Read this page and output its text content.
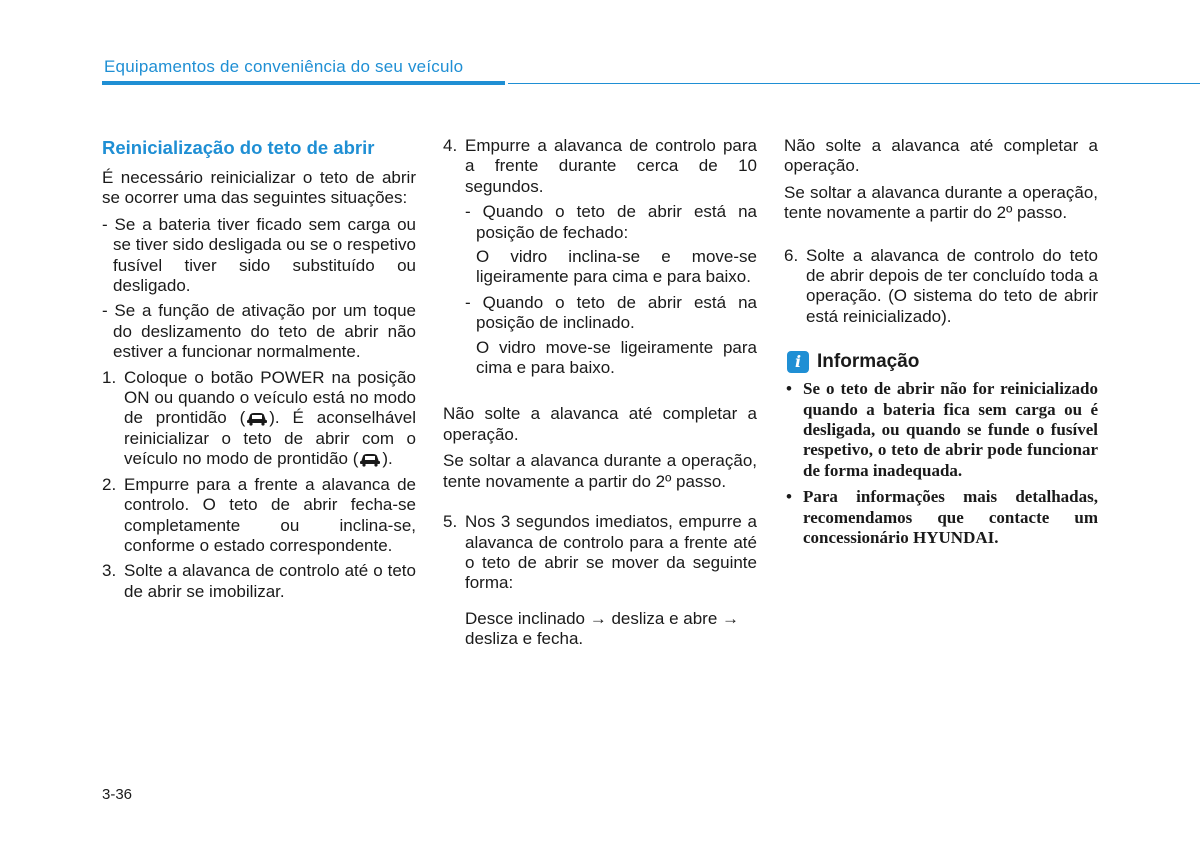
Equipamentos de conveniência do seu veículo

Reinicialização do teto de abrir

É necessário reinicializar o teto de abrir se ocorrer uma das seguintes situações:

- Se a bateria tiver ficado sem carga ou se tiver sido desligada ou se o respetivo fusível tiver sido substituído ou desligado.

- Se a função de ativação por um toque do deslizamento do teto de abrir não estiver a funcionar normalmente.

1. Coloque o botão POWER na posição ON ou quando o veículo está no modo de prontidão ( ). É aconselhável reinicializar o teto de abrir com o veículo no modo de prontidão ( ).
2. Empurre para a frente a alavanca de controlo. O teto de abrir fecha-se completamente ou inclina-se, conforme o estado correspondente.
3. Solte a alavanca de controlo até o teto de abrir se imobilizar.
4. Empurre a alavanca de controlo para a frente durante cerca de 10 segundos.

- Quando o teto de abrir está na posição de fechado:

O vidro inclina-se e move-se ligeiramente para cima e para baixo.

- Quando o teto de abrir está na posição de inclinado.

O vidro move-se ligeiramente para cima e para baixo.

Não solte a alavanca até completar a operação.

Se soltar a alavanca durante a operação, tente novamente a partir do 2º passo.

5. Nos 3 segundos imediatos, empurre a alavanca de controlo para a frente até o teto de abrir se mover da seguinte forma:

Desce inclinado → desliza e abre → desliza e fecha.

Não solte a alavanca até completar a operação.

Se soltar a alavanca durante a operação, tente novamente a partir do 2º passo.

6. Solte a alavanca de controlo do teto de abrir depois de ter concluído toda a operação. (O sistema do teto de abrir está reinicializado).
i Informação
• Se o teto de abrir não for reinicializado quando a bateria fica sem carga ou é desligada, ou quando se funde o fusível respetivo, o teto de abrir pode funcionar de forma inadequada.
• Para informações mais detalhadas, recomendamos que contacte um concessionário HYUNDAI.
3-36
